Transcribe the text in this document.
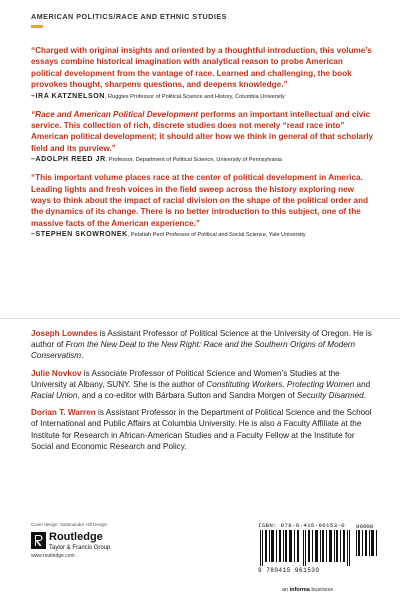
AMERICAN POLITICS/RACE AND ETHNIC STUDIES

“Charged with original insights and oriented by a thoughtful introduction, this volume’s essays combine historical imagination with analytical reason to probe American political development from the vantage of race. Learned and challenging, the book provokes thought, sharpens questions, and deepens knowledge.”

–IRA KATZNELSON, Ruggles Professor of Political Science and History, Columbia University

“Race and American Political Development performs an important intellectual and civic service. This collection of rich, discrete studies does not merely “read race into” American political development; it should alter how we think in general of that scholarly field and its purview.”

–ADOLPH REED JR, Professor, Department of Political Science, University of Pennsylvania

“This important volume places race at the center of political development in America. Leading lights and fresh voices in the field sweep across the history exploring new ways to think about the impact of racial division on the shape of the political order and the dynamics of its change. There is no better introduction to this subject, one of the massive facts of the American experience.”

–STEPHEN SKOWRONEK, Pelatiah Perit Professor of Political and Social Science, Yale University

Joseph Lowndes is Assistant Professor of Political Science at the University of Oregon. He is author of From the New Deal to the New Right: Race and the Southern Origins of Modern Conservatism.

Julie Novkov is Associate Professor of Political Science and Women’s Studies at the University at Albany, SUNY. She is the author of Constituting Workers, Protecting Women and Racial Union, and a co-editor with Bárbara Sutton and Sandra Morgen of Security Disarmed.

Dorian T. Warren is Assistant Professor in the Department of Political Science and the School of International and Public Affairs at Columbia University. He is also a Faculty Affiliate at the Institute for Research in African-American Studies and a Faculty Fellow at the Institute for Social and Economic Research and Policy.

Cover design: Salamander Hill Design
Routledge
Taylor & Francis Group
www.routledge.com
ISBN: 978-0-415-96153-0 90000
9 780415 961530
an informa business
